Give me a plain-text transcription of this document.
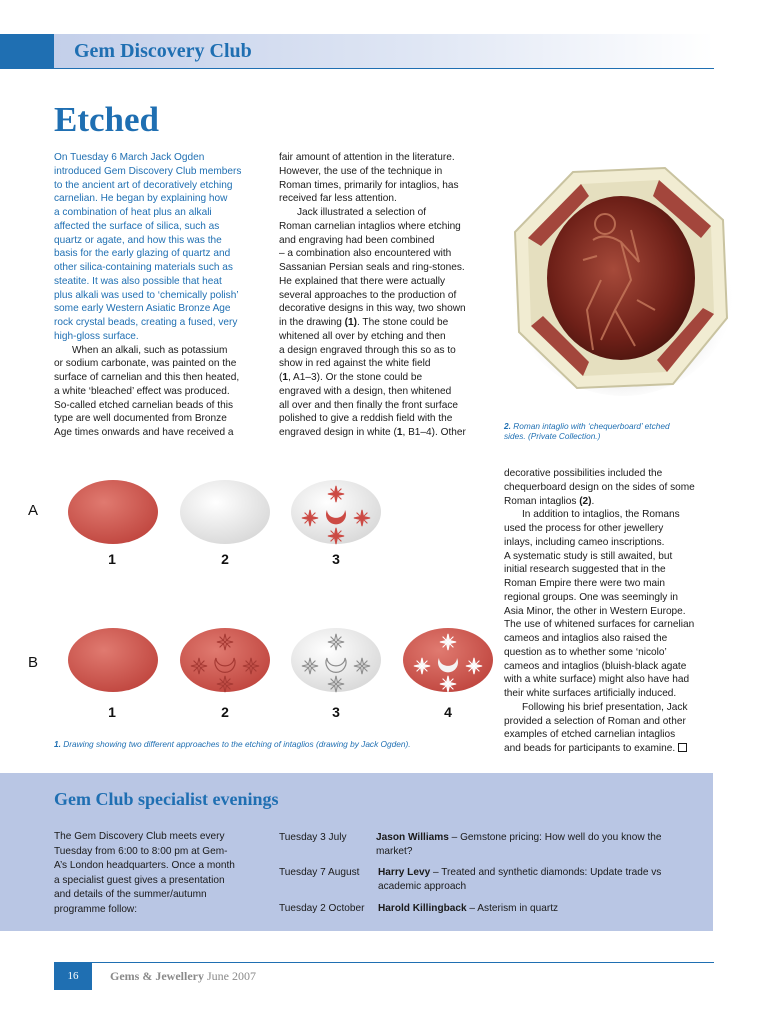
Gem Discovery Club
Etched
On Tuesday 6 March Jack Ogden
introduced Gem Discovery Club members
to the ancient art of decoratively etching
carnelian. He began by explaining how
a combination of heat plus an alkali
affected the surface of silica, such as
quartz or agate, and how this was the
basis for the early glazing of quartz and
other silica-containing materials such as
steatite. It was also possible that heat
plus alkali was used to ‘chemically polish’
some early Western Asiatic Bronze Age
rock crystal beads, creating a fused, very
high-gloss surface.
When an alkali, such as potassium
or sodium carbonate, was painted on the
surface of carnelian and this then heated,
a white ‘bleached’ effect was produced.
So-called etched carnelian beads of this
type are well documented from Bronze
Age times onwards and have received a
fair amount of attention in the literature.
However, the use of the technique in
Roman times, primarily for intaglios, has
received far less attention.
Jack illustrated a selection of
Roman carnelian intaglios where etching
and engraving had been combined
– a combination also encountered with
Sassanian Persian seals and ring-stones.
He explained that there were actually
several approaches to the production of
decorative designs in this way, two shown
in the drawing (1). The stone could be
whitened all over by etching and then
a design engraved through this so as to
show in red against the white field
(1, A1–3). Or the stone could be
engraved with a design, then whitened
all over and then finally the front surface
polished to give a reddish field with the
engraved design in white (1, B1–4). Other
2. Roman intaglio with ‘chequerboard’ etched
sides. (Private Collection.)
decorative possibilities included the
chequerboard design on the sides of some
Roman intaglios (2).
In addition to intaglios, the Romans
used the process for other jewellery
inlays, including cameo inscriptions.
A systematic study is still awaited, but
initial research suggested that in the
Roman Empire there were two main
regional groups. One was seemingly in
Asia Minor, the other in Western Europe.
The use of whitened surfaces for carnelian
cameos and intaglios also raised the
question as to whether some ‘nicolo’
cameos and intaglios (bluish-black agate
with a white surface) might also have had
their white surfaces artificially induced.
Following his brief presentation, Jack
provided a selection of Roman and other
examples of etched carnelian intaglios
and beads for participants to examine.
A
1	2	3
B
1	2	3	4
1. Drawing showing two different approaches to the etching of intaglios (drawing by Jack Ogden).
Gem Club specialist evenings
The Gem Discovery Club meets every
Tuesday from 6:00 to 8:00 pm at Gem-
A’s London headquarters. Once a month
a specialist guest gives a presentation
and details of the summer/autumn
programme follow:
Tuesday 3 July	Jason Williams – Gemstone pricing: How well do you know the
market?
Tuesday 7 August Harry Levy – Treated and synthetic diamonds: Update trade vs
academic approach
Tuesday 2 October Harold Killingback – Asterism in quartz
16	Gems & Jewellery June 2007
